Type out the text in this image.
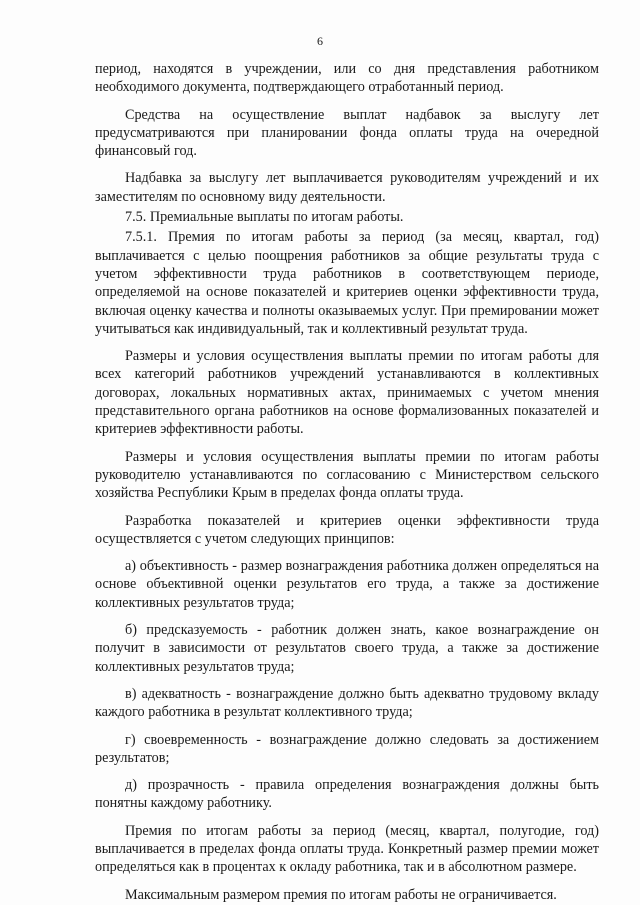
6

период, находятся в учреждении, или со дня представления работником необходимого документа, подтверждающего отработанный период.

Средства на осуществление выплат надбавок за выслугу лет предусматриваются при планировании фонда оплаты труда на очередной финансовый год.

Надбавка за выслугу лет выплачивается руководителям учреждений и их заместителям по основному виду деятельности.

7.5. Премиальные выплаты по итогам работы.

7.5.1. Премия по итогам работы за период (за месяц, квартал, год) выплачивается с целью поощрения работников за общие результаты труда с учетом эффективности труда работников в соответствующем периоде, определяемой на основе показателей и критериев оценки эффективности труда, включая оценку качества и полноты оказываемых услуг. При премировании может учитываться как индивидуальный, так и коллективный результат труда.

Размеры и условия осуществления выплаты премии по итогам работы для всех категорий работников учреждений устанавливаются в коллективных договорах, локальных нормативных актах, принимаемых с учетом мнения представительного органа работников на основе формализованных показателей и критериев эффективности работы.

Размеры и условия осуществления выплаты премии по итогам работы руководителю устанавливаются по согласованию с Министерством сельского хозяйства Республики Крым в пределах фонда оплаты труда.

Разработка показателей и критериев оценки эффективности труда осуществляется с учетом следующих принципов:

а) объективность - размер вознаграждения работника должен определяться на основе объективной оценки результатов его труда, а также за достижение коллективных результатов труда;

б) предсказуемость - работник должен знать, какое вознаграждение он получит в зависимости от результатов своего труда, а также за достижение коллективных результатов труда;

в) адекватность - вознаграждение должно быть адекватно трудовому вкладу каждого работника в результат коллективного труда;

г) своевременность - вознаграждение должно следовать за достижением результатов;

д) прозрачность - правила определения вознаграждения должны быть понятны каждому работнику.

Премия по итогам работы за период (месяц, квартал, полугодие, год) выплачивается в пределах фонда оплаты труда. Конкретный размер премии может определяться как в процентах к окладу работника, так и в абсолютном размере.

Максимальным размером премия по итогам работы не ограничивается.
